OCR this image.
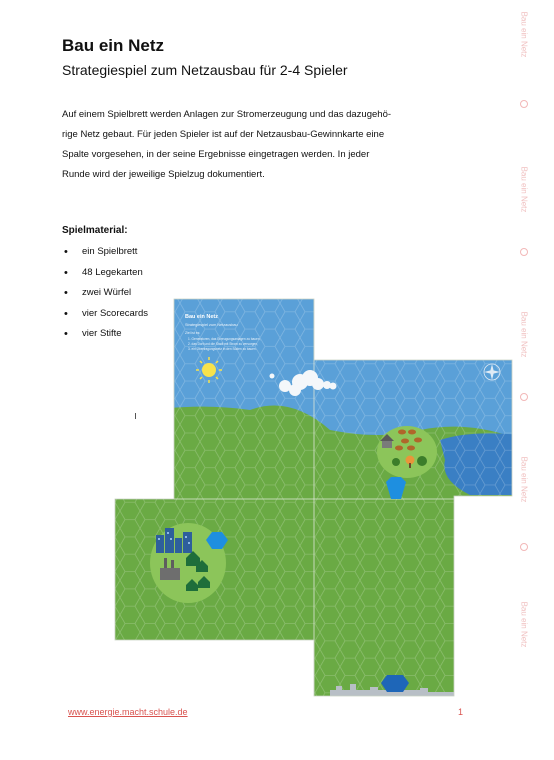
Bau ein Netz

Strategiespiel zum Netzausbau für 2-4 Spieler

Auf einem Spielbrett werden Anlagen zur Stromerzeugung und das dazugehö-
rige Netz gebaut. Für jeden Spieler ist auf der Netzausbau-Gewinnkarte eine
Spalte vorgesehen, in der seine Ergebnisse eingetragen werden. In jeder
Runde wird der jeweilige Spielzug dokumentiert.

Spielmaterial:

• ein Spielbrett
• 48 Legekarten
• zwei Würfel
• vier Scorecards
• vier Stifte
Bau ein Netz
Bau ein Netz
Bau ein Netz
Bau ein Netz
Bau ein Netz
Bau ein Netz
Strategiespiel zum Netzausbau
Ziel ist es:
1. Generatoren, das Erzeugungsanlagen zu bauen,
2. das Dorf und die Stadt mit Strom zu versorgen,
3. ein Übertragungsnetz in den Süden zu bauen.
www.energie.macht.schule.de	1
